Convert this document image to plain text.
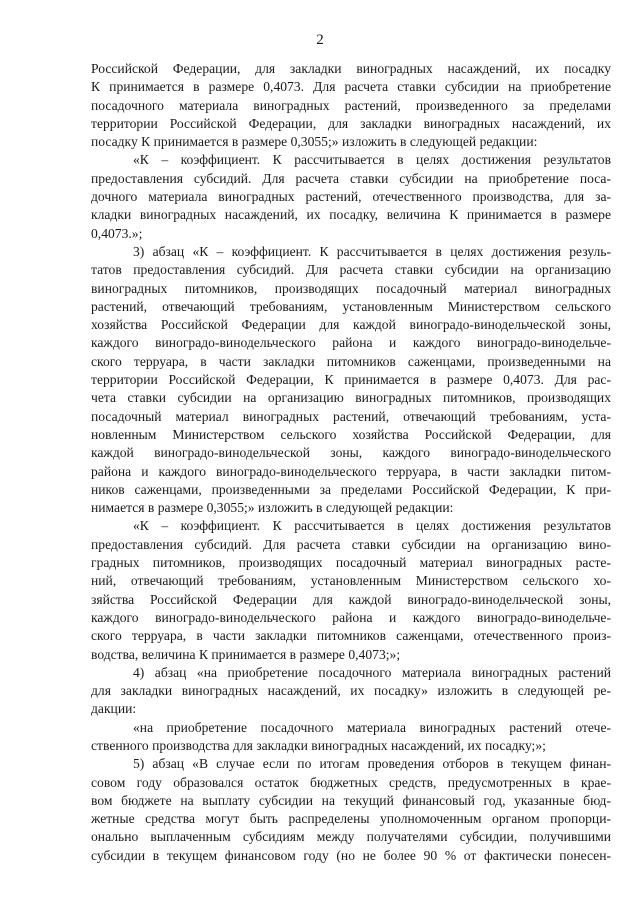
2
Российской Федерации, для закладки виноградных насаждений, их посадку
К принимается в размере 0,4073. Для расчета ставки субсидии на приобретение
посадочного материала виноградных растений, произведенного за пределами
территории Российской Федерации, для закладки виноградных насаждений, их
посадку К принимается в размере 0,3055;» изложить в следующей редакции:
«К – коэффициент. К рассчитывается в целях достижения результатов
предоставления субсидий. Для расчета ставки субсидии на приобретение поса-
дочного материала виноградных растений, отечественного производства, для за-
кладки виноградных насаждений, их посадку, величина К принимается в размере
0,4073.»;
3) абзац «К – коэффициент. К рассчитывается в целях достижения резуль-
татов предоставления субсидий. Для расчета ставки субсидии на организацию
виноградных питомников, производящих посадочный материал виноградных
растений, отвечающий требованиям, установленным Министерством сельского
хозяйства Российской Федерации для каждой виноградо-винодельческой зоны,
каждого виноградо-винодельческого района и каждого виноградо-винодельче-
ского терруара, в части закладки питомников саженцами, произведенными на
территории Российской Федерации, К принимается в размере 0,4073. Для рас-
чета ставки субсидии на организацию виноградных питомников, производящих
посадочный материал виноградных растений, отвечающий требованиям, уста-
новленным Министерством сельского хозяйства Российской Федерации, для
каждой виноградо-винодельческой зоны, каждого виноградо-винодельческого
района и каждого виноградо-винодельческого терруара, в части закладки питом-
ников саженцами, произведенными за пределами Российской Федерации, К при-
нимается в размере 0,3055;» изложить в следующей редакции:
«К – коэффициент. К рассчитывается в целях достижения результатов
предоставления субсидий. Для расчета ставки субсидии на организацию вино-
градных питомников, производящих посадочный материал виноградных расте-
ний, отвечающий требованиям, установленным Министерством сельского хо-
зяйства Российской Федерации для каждой виноградо-винодельческой зоны,
каждого виноградо-винодельческого района и каждого виноградо-винодельче-
ского терруара, в части закладки питомников саженцами, отечественного произ-
водства, величина К принимается в размере 0,4073;»;
4) абзац «на приобретение посадочного материала виноградных растений
для закладки виноградных насаждений, их посадку» изложить в следующей ре-
дакции:
«на приобретение посадочного материала виноградных растений отече-
ственного производства для закладки виноградных насаждений, их посадку;»;
5) абзац «В случае если по итогам проведения отборов в текущем финан-
совом году образовался остаток бюджетных средств, предусмотренных в крае-
вом бюджете на выплату субсидии на текущий финансовый год, указанные бюд-
жетные средства могут быть распределены уполномоченным органом пропорци-
онально выплаченным субсидиям между получателями субсидии, получившими
субсидии в текущем финансовом году (но не более 90 % от фактически понесен-
